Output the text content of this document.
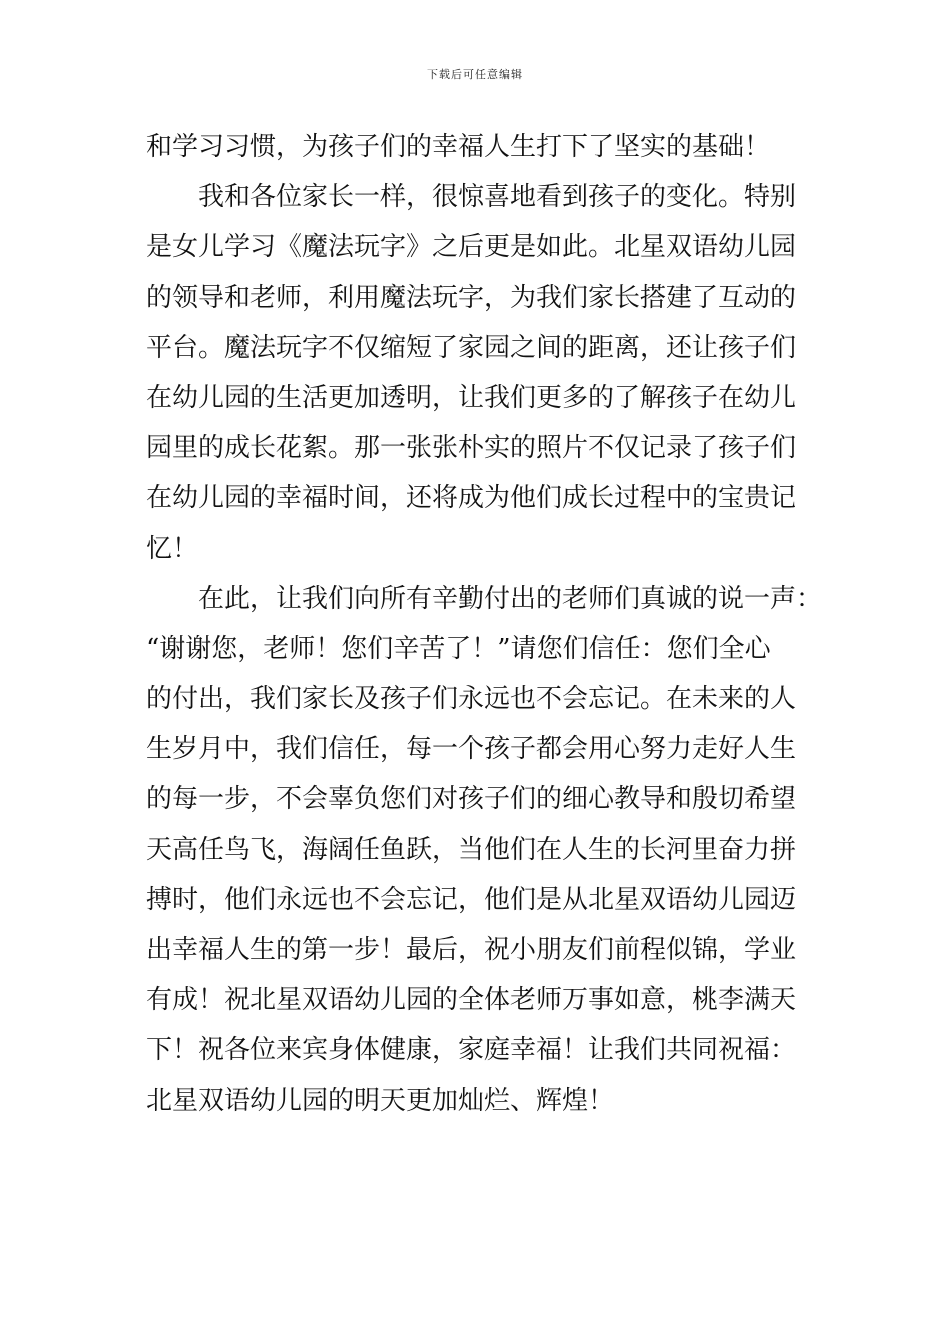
下载后可任意编辑
和学习习惯，为孩子们的幸福人生打下了坚实的基础！
　　我和各位家长一样，很惊喜地看到孩子的变化。特别
是女儿学习《魔法玩字》之后更是如此。北星双语幼儿园
的领导和老师，利用魔法玩字，为我们家长搭建了互动的
平台。魔法玩字不仅缩短了家园之间的距离，还让孩子们
在幼儿园的生活更加透明，让我们更多的了解孩子在幼儿
园里的成长花絮。那一张张朴实的照片不仅记录了孩子们
在幼儿园的幸福时间，还将成为他们成长过程中的宝贵记
忆！
　　在此，让我们向所有辛勤付出的老师们真诚的说一声：
“谢谢您，老师！您们辛苦了！”请您们信任：您们全心
的付出，我们家长及孩子们永远也不会忘记。在未来的人
生岁月中，我们信任，每一个孩子都会用心努力走好人生
的每一步，不会辜负您们对孩子们的细心教导和殷切希望
天高任鸟飞，海阔任鱼跃，当他们在人生的长河里奋力拼
搏时，他们永远也不会忘记，他们是从北星双语幼儿园迈
出幸福人生的第一步！最后，祝小朋友们前程似锦，学业
有成！祝北星双语幼儿园的全体老师万事如意，桃李满天
下！祝各位来宾身体健康，家庭幸福！让我们共同祝福：
北星双语幼儿园的明天更加灿烂、辉煌！
